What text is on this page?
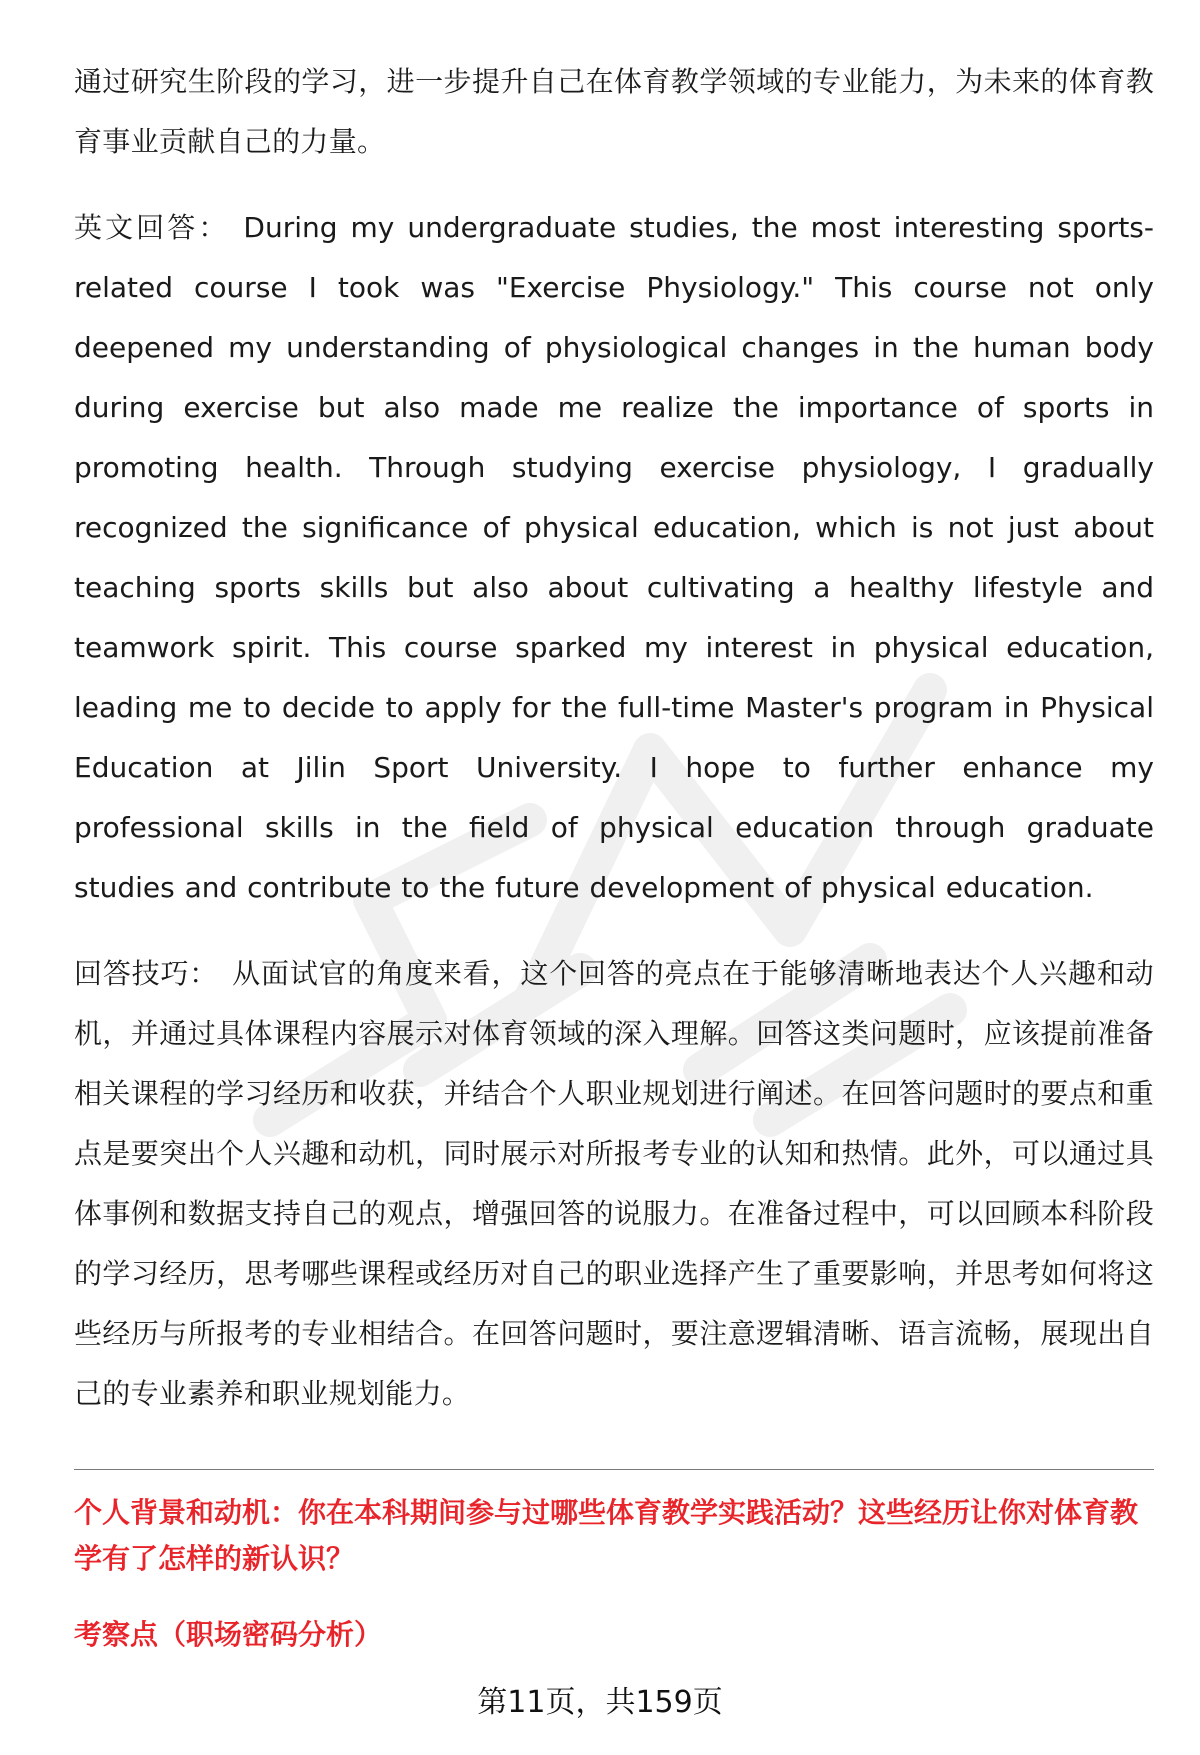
通过研究生阶段的学习，进一步提升自己在体育教学领域的专业能力，为未来的体育教育事业贡献自己的力量。

英文回答： During my undergraduate studies, the most interesting sports-related course I took was "Exercise Physiology." This course not only deepened my understanding of physiological changes in the human body during exercise but also made me realize the importance of sports in promoting health. Through studying exercise physiology, I gradually recognized the significance of physical education, which is not just about teaching sports skills but also about cultivating a healthy lifestyle and teamwork spirit. This course sparked my interest in physical education, leading me to decide to apply for the full-time Master's program in Physical Education at Jilin Sport University. I hope to further enhance my professional skills in the field of physical education through graduate studies and contribute to the future development of physical education.

回答技巧： 从面试官的角度来看，这个回答的亮点在于能够清晰地表达个人兴趣和动机，并通过具体课程内容展示对体育领域的深入理解。回答这类问题时，应该提前准备相关课程的学习经历和收获，并结合个人职业规划进行阐述。在回答问题时的要点和重点是要突出个人兴趣和动机，同时展示对所报考专业的认知和热情。此外，可以通过具体事例和数据支持自己的观点，增强回答的说服力。在准备过程中，可以回顾本科阶段的学习经历，思考哪些课程或经历对自己的职业选择产生了重要影响，并思考如何将这些经历与所报考的专业相结合。在回答问题时，要注意逻辑清晰、语言流畅，展现出自己的专业素养和职业规划能力。

个人背景和动机：你在本科期间参与过哪些体育教学实践活动？这些经历让你对体育教学有了怎样的新认识？

考察点（职场密码分析）

第11页，共159页
